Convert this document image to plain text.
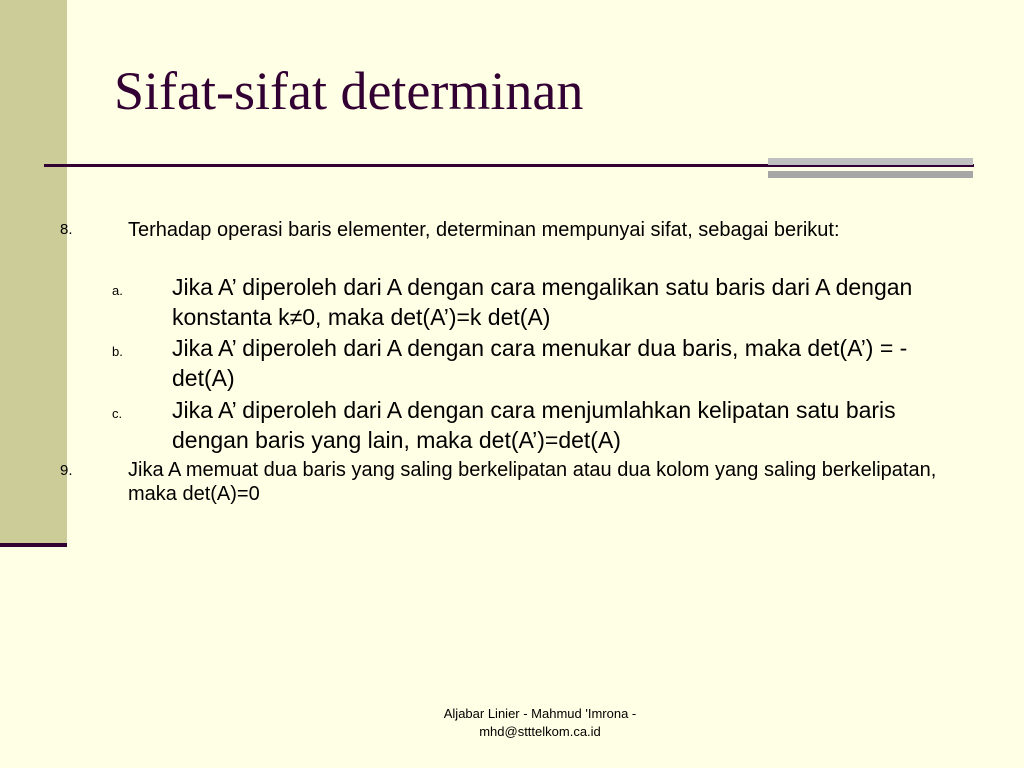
Sifat-sifat determinan
8.	Terhadap operasi baris elementer, determinan mempunyai sifat, sebagai berikut:
a. Jika A’ diperoleh dari A dengan cara mengalikan satu baris dari A dengan konstanta k≠0, maka det(A’)=k det(A)
b. Jika A’ diperoleh dari A dengan cara menukar dua baris, maka det(A’) = - det(A)
c. Jika A’ diperoleh dari A dengan cara menjumlahkan kelipatan satu baris dengan baris yang lain, maka det(A’)=det(A)
9.	Jika A memuat dua baris yang saling berkelipatan atau dua kolom yang saling berkelipatan, maka det(A)=0
Aljabar Linier - Mahmud 'Imrona -
mhd@stttelkom.ca.id
